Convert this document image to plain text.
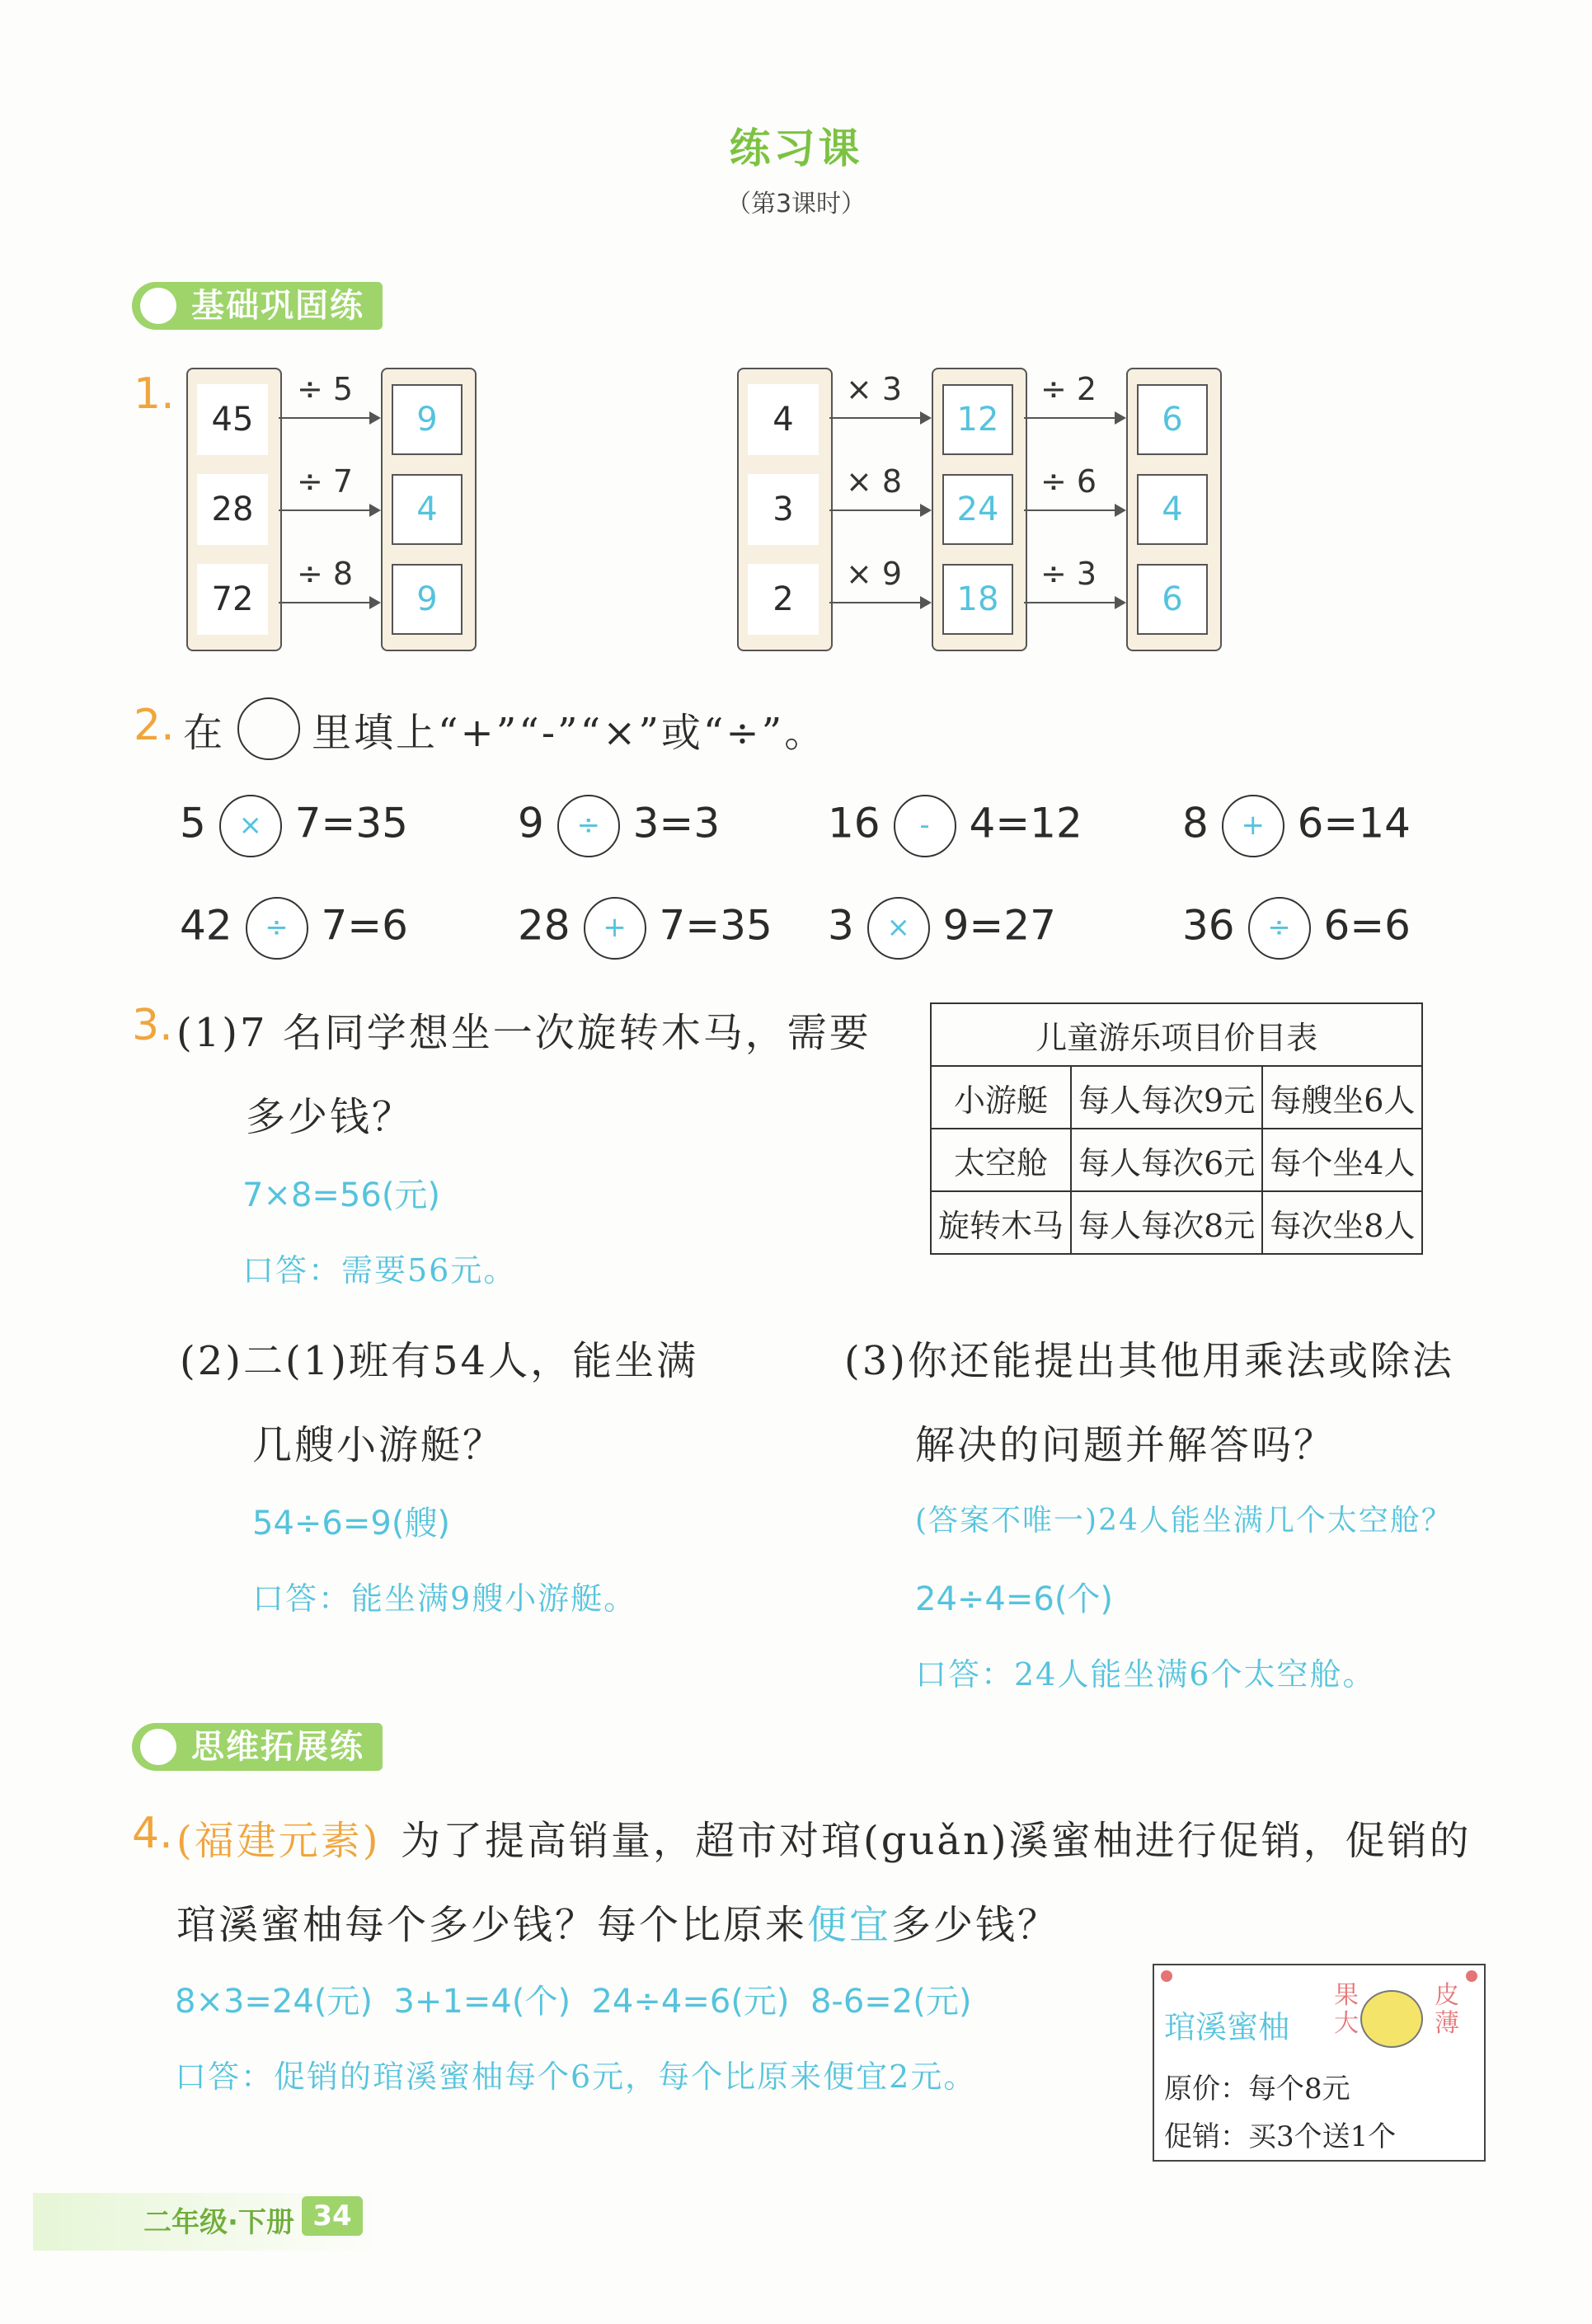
练习课
（第3课时）
基础巩固练
1.
45
28
72
÷ 5
÷ 7
÷ 8
9
4
9
4
3
2
× 3
× 8
× 9
12
24
18
÷ 2
÷ 6
÷ 3
6
4
6
2. 在 里填上“+”“-”“×”或“÷”。
5 × 7=35	9 ÷ 3=3	16 - 4=12 8 + 6=14
42 ÷ 7=6	28 + 7=35 3 × 9=27	36 ÷ 6=6
3. (1)7 名同学想坐一次旋转木马，需要
多少钱？
7×8=56(元)
口答：需要56元。
儿童游乐项目价目表		
小游艇	每人每次9元	每艘坐6人
太空舱	每人每次6元	每个坐4人
旋转木马	每人每次8元	每次坐8人
(2)二(1)班有54人，能坐满
几艘小游艇？
54÷6=9(艘)
口答：能坐满9艘小游艇。
(3)你还能提出其他用乘法或除法
解决的问题并解答吗？
(答案不唯一)24人能坐满几个太空舱？
24÷4=6(个)
口答：24人能坐满6个太空舱。
思维拓展练
4. (福建元素) 为了提高销量，超市对琯(guǎn)溪蜜柚进行促销，促销的
琯溪蜜柚每个多少钱？每个比原来便宜多少钱？
8×3=24(元)  3+1=4(个)  24÷4=6(元)  8-6=2(元)
口答：促销的琯溪蜜柚每个6元，每个比原来便宜2元。
琯溪蜜柚
果大
皮薄
原价：每个8元
促销：买3个送1个
二年级·下册 34
